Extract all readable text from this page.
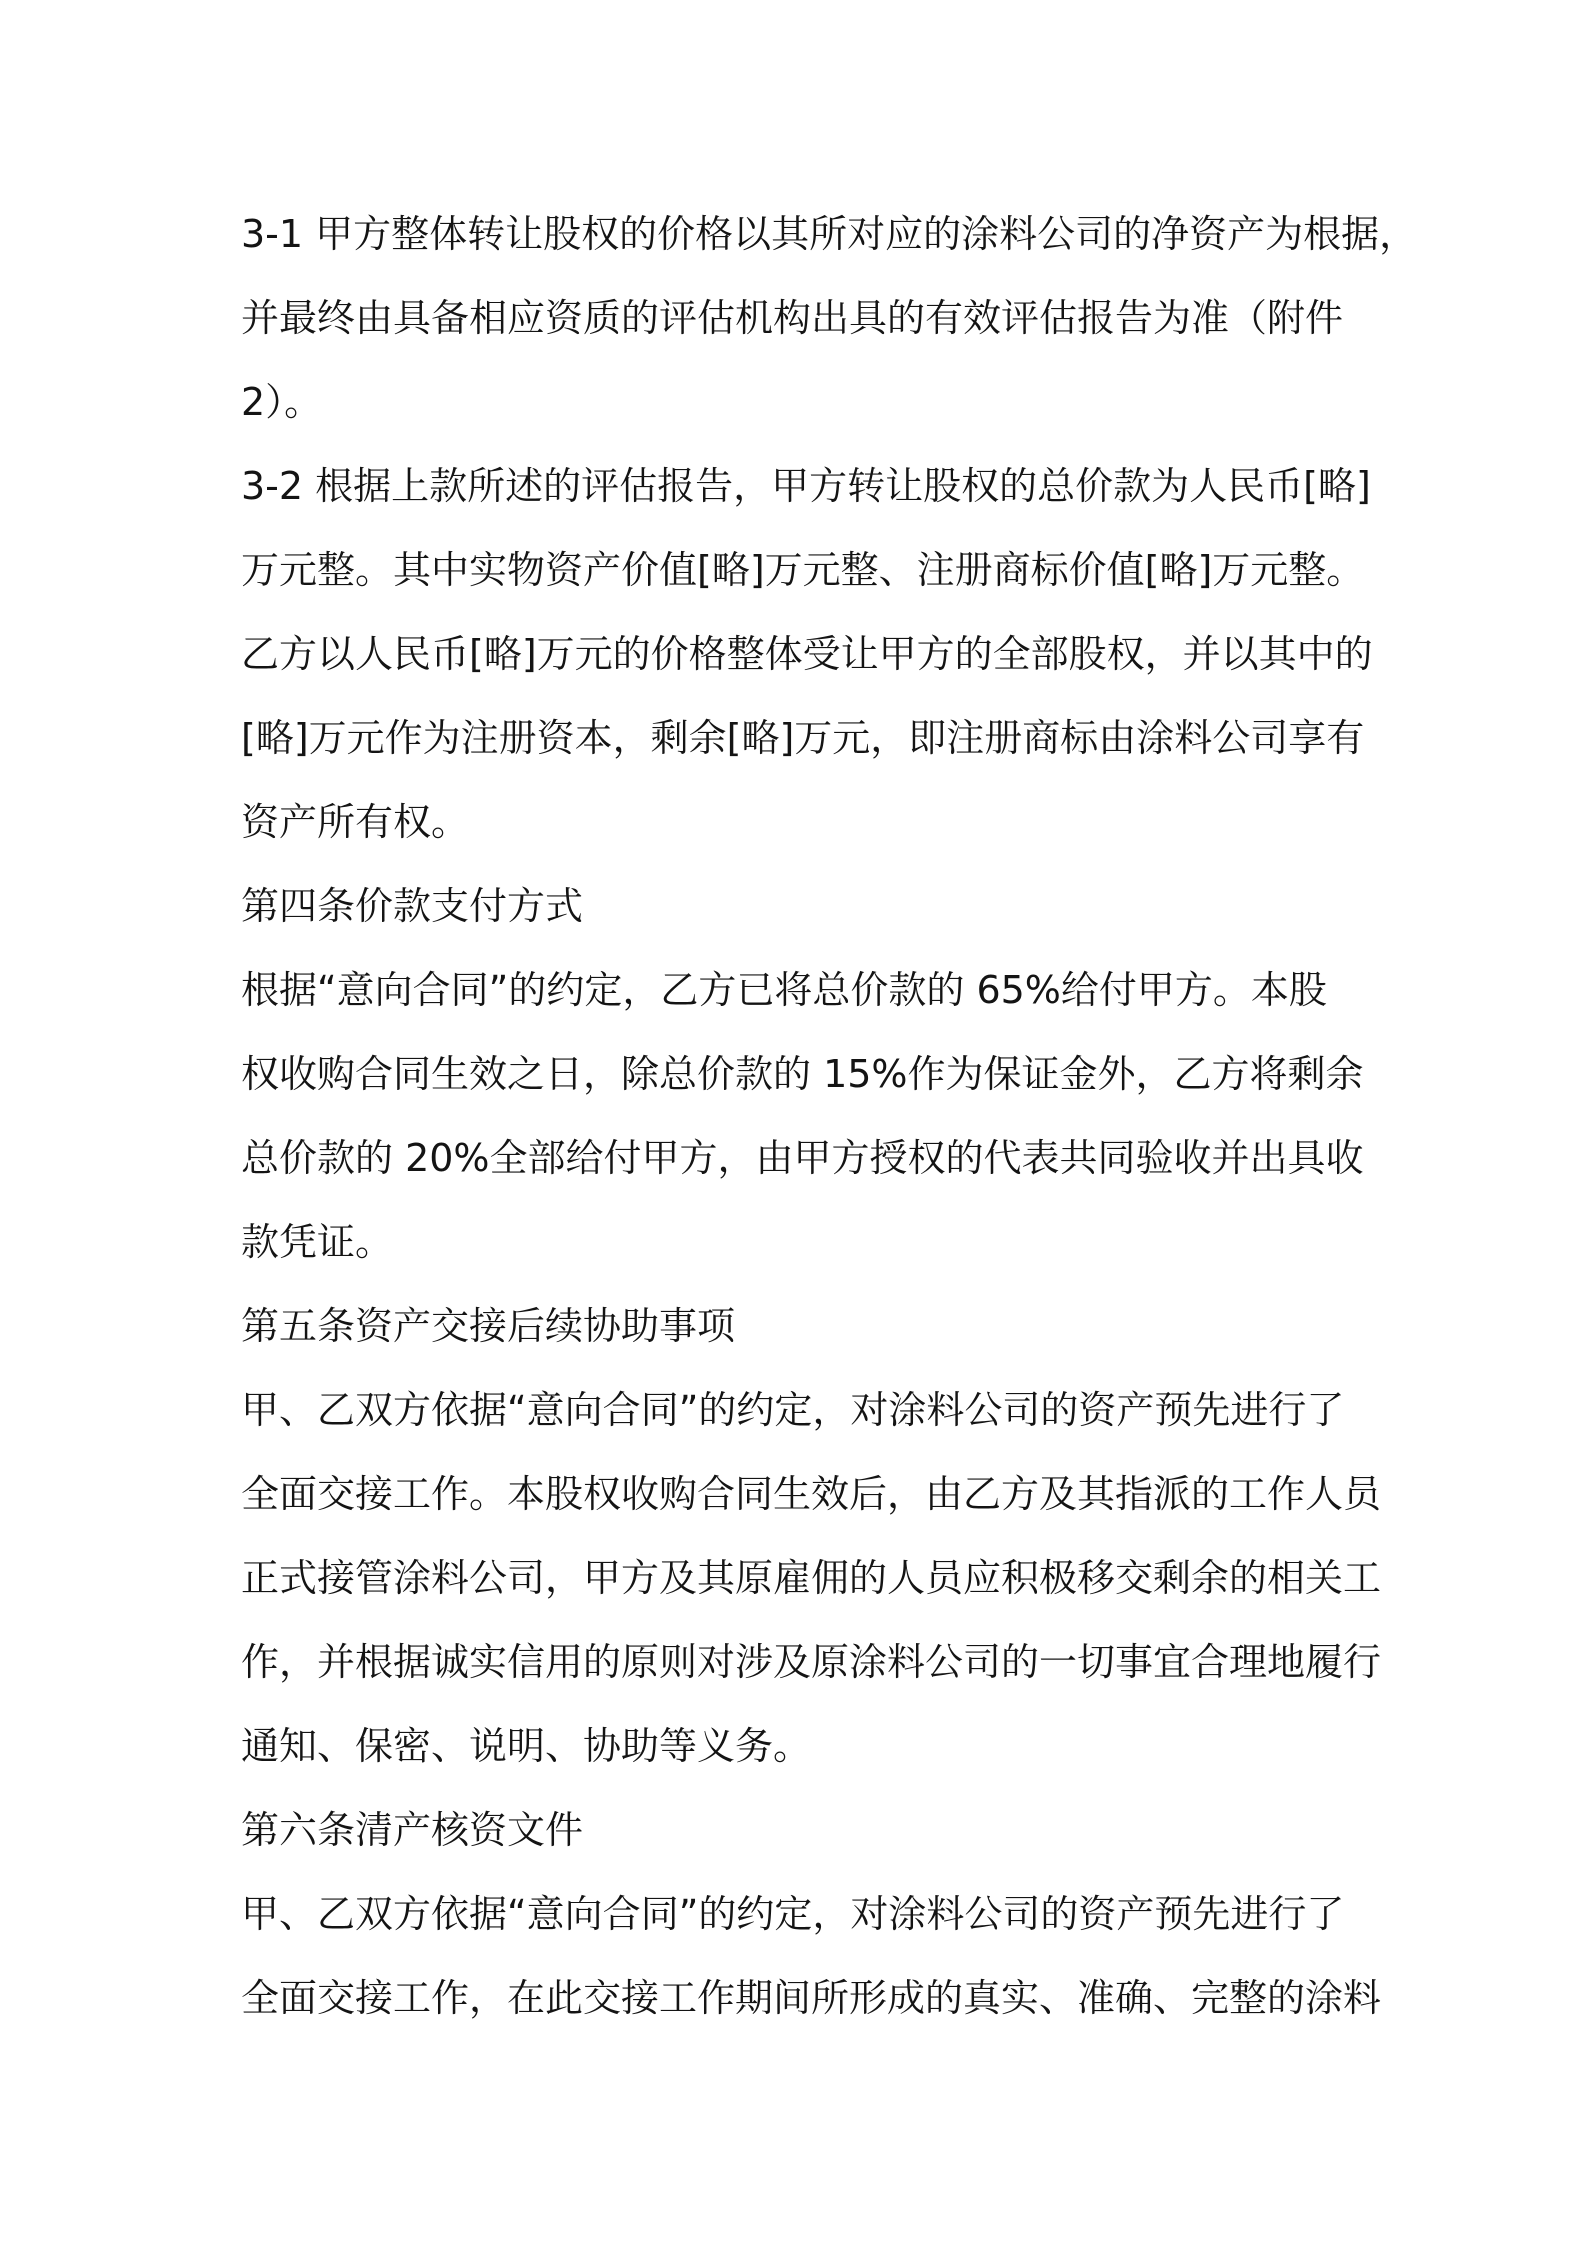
3-1 甲方整体转让股权的价格以其所对应的涂料公司的净资产为根据，
并最终由具备相应资质的评估机构出具的有效评估报告为准（附件
2）。
3-2 根据上款所述的评估报告，甲方转让股权的总价款为人民币[略]
万元整。其中实物资产价值[略]万元整、注册商标价值[略]万元整。
乙方以人民币[略]万元的价格整体受让甲方的全部股权，并以其中的
[略]万元作为注册资本，剩余[略]万元，即注册商标由涂料公司享有
资产所有权。
第四条价款支付方式
根据“意向合同”的约定，乙方已将总价款的 65%给付甲方。本股
权收购合同生效之日，除总价款的 15%作为保证金外，乙方将剩余
总价款的 20%全部给付甲方，由甲方授权的代表共同验收并出具收
款凭证。
第五条资产交接后续协助事项
甲、乙双方依据“意向合同”的约定，对涂料公司的资产预先进行了
全面交接工作。本股权收购合同生效后，由乙方及其指派的工作人员
正式接管涂料公司，甲方及其原雇佣的人员应积极移交剩余的相关工
作，并根据诚实信用的原则对涉及原涂料公司的一切事宜合理地履行
通知、保密、说明、协助等义务。
第六条清产核资文件
甲、乙双方依据“意向合同”的约定，对涂料公司的资产预先进行了
全面交接工作，在此交接工作期间所形成的真实、准确、完整的涂料
